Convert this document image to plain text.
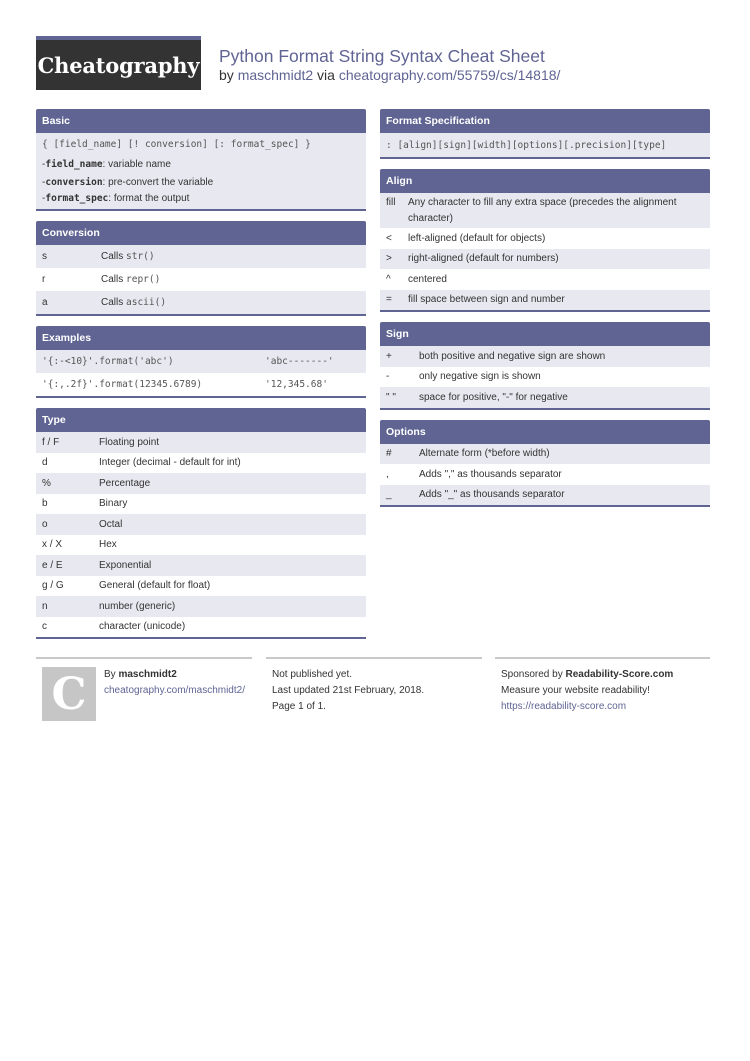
Cheatography Python Format String Syntax Cheat Sheet
by maschmidt2 via cheatography.com/55759/cs/14818/
Basic
{ [field_name] [! conversion] [: format_spec] }
- field_name : variable name
- conversion : pre-convert the variable
- format_spec : format the output
Conversion
s	Calls str()
r	Calls repr()
a	Calls ascii()
Examples
'{:-<10}'.format('abc')	'abc-------'
'{:,.2f}'.format(12345.6789)	'12,345.68'
Type
f / F	Floating point
d	Integer (decimal - default for int)
%	Percentage
b	Binary
o	Octal
x / X	Hex
e / E	Exponential
g / G	General (default for float)
n	number (generic)
c	character (unicode)
Format Specification
: [align][sign][width][options][.precision][type]
Align
fill	Any character to fill any extra space (precedes the alignment character)
<	left-aligned (default for objects)
>	right-aligned (default for numbers)
^	centered
=	fill space between sign and number
Sign
+	both positive and negative sign are shown
-	only negative sign is shown
" "	space for positive, "-" for negative
Options
#	Alternate form (*before width)
,	Adds "," as thousands separator
_	Adds "_" as thousands separator
C By maschmidt2
cheatography.com/maschmidt2/
Not published yet.
Last updated 21st February, 2018.
Page 1 of 1.
Sponsored by Readability-Score.com
Measure your website readability!
https://readability-score.com
